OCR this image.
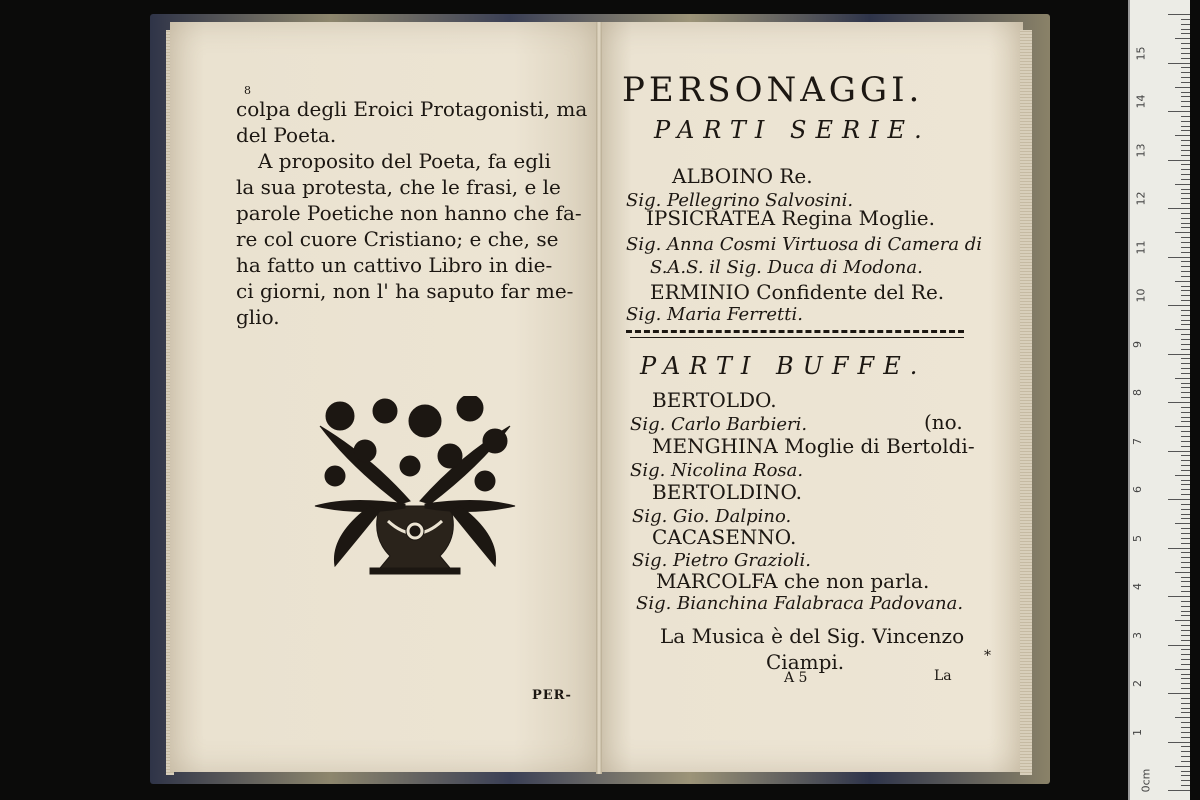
8
colpa degli Eroici Protagonisti, ma
del Poeta.
A proposito del Poeta, fa egli
la sua protesta, che le frasi, e le
parole Poetiche non hanno che fa-
re col cuore Cristiano; e che, se
ha fatto un cattivo Libro in die-
ci giorni, non l' ha saputo far me-
glio.
PER-
PERSONAGGI.
PARTI SERIE.
ALBOINO Re.
Sig. Pellegrino Salvosini.
IPSICRATEA Regina Moglie.
Sig. Anna Cosmi Virtuosa di Camera di
S.A.S. il Sig. Duca di Modona.
ERMINIO Confidente del Re.
Sig. Maria Ferretti.
PARTI BUFFE.
BERTOLDO.
Sig. Carlo Barbieri.	(no.
MENGHINA Moglie di Bertoldi-
Sig. Nicolina Rosa.
BERTOLDINO.
Sig. Gio. Dalpino.
CACASENNO.
Sig. Pietro Grazioli.
MARCOLFA che non parla.
Sig. Bianchina Falabraca Padovana.
La Musica è del Sig. Vincenzo
Ciampi.
A 5	La
*
0cm
1
2
3
4
5
6
7
8
9
10
11
12
13
14
15
